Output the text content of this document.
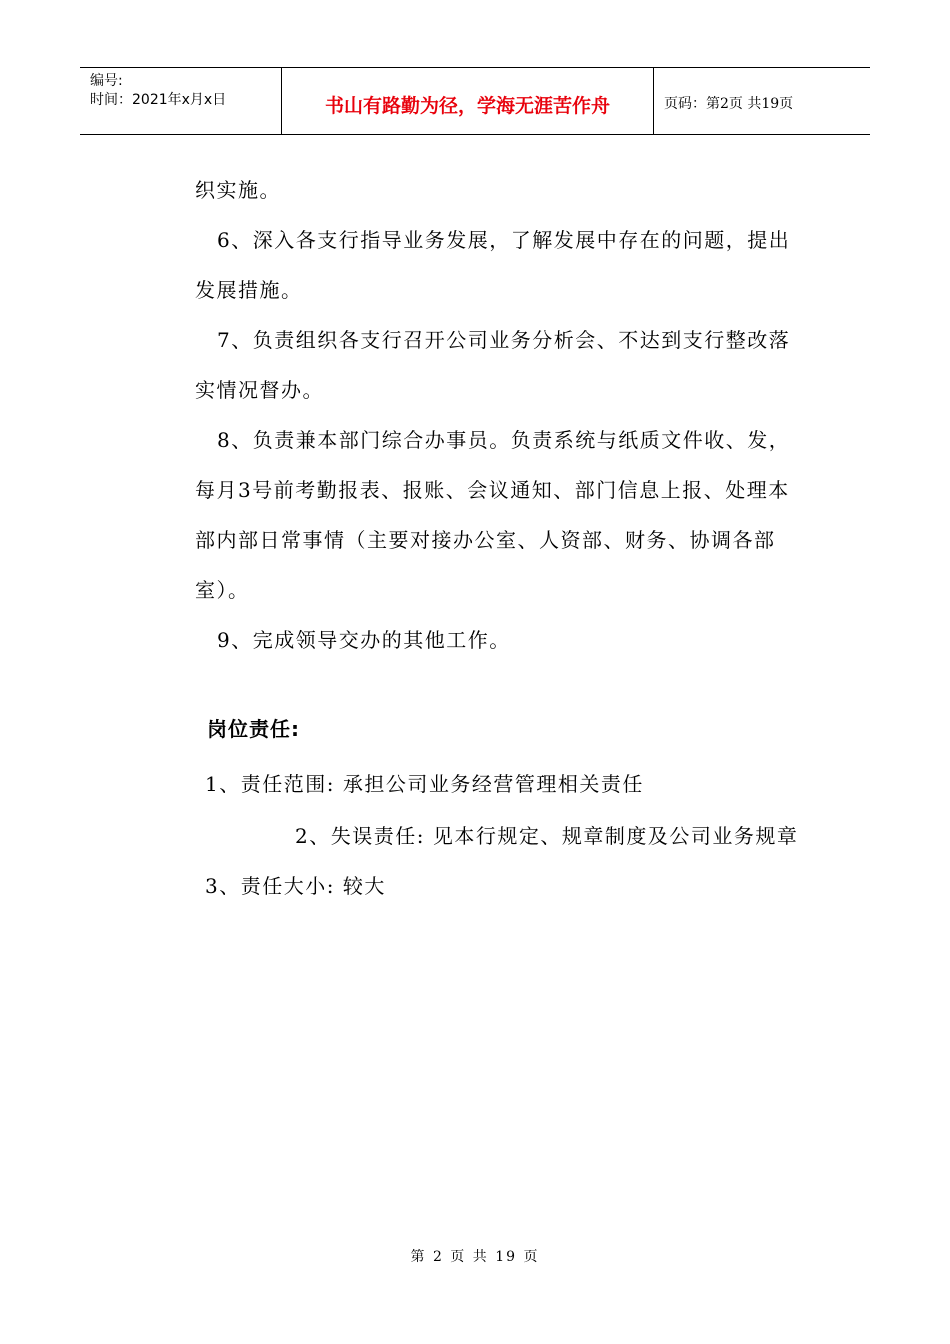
编号:
时间：2021年x月x日	书山有路勤为径，学海无涯苦作舟	页码：第2页 共19页

织实施。

6、深入各支行指导业务发展，了解发展中存在的问题，提出

发展措施。

7、负责组织各支行召开公司业务分析会、不达到支行整改落

实情况督办。

8、负责兼本部门综合办事员。负责系统与纸质文件收、发，

每月3号前考勤报表、报账、会议通知、部门信息上报、处理本

部内部日常事情（主要对接办公室、人资部、财务、协调各部

室）。

9、完成领导交办的其他工作。

岗位责任:
1、责任范围: 承担公司业务经营管理相关责任
2、失误责任: 见本行规定、规章制度及公司业务规章
3、责任大小: 较大
第 2 页 共 19 页
